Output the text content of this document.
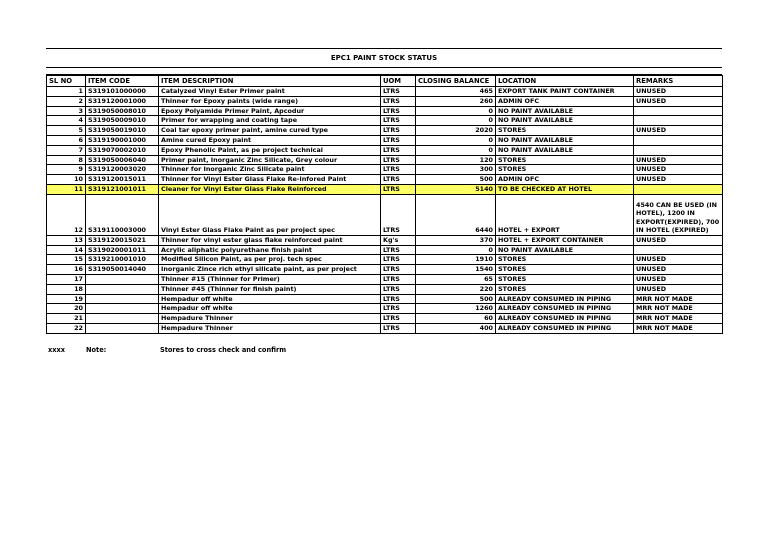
EPC1 PAINT STOCK STATUS
SL NO	ITEM CODE	ITEM DESCRIPTION	UOM	CLOSING BALANCE	LOCATION	REMARKS
1	S319101000000	Catalyzed Vinyl Ester Primer paint	LTRS	465	EXPORT TANK PAINT CONTAINER	UNUSED
2	S319120001000	Thinner for Epoxy paints (wide range)	LTRS	260	ADMIN OFC	UNUSED
3	S319050008010	Epoxy Polyamide Primer Paint, Apcodur	LTRS	0	NO PAINT AVAILABLE	
4	S319050009010	Primer for wrapping and coating tape	LTRS	0	NO PAINT AVAILABLE	
5	S319050019010	Coal tar epoxy primer paint, amine cured type	LTRS	2020	STORES	UNUSED
6	S319190001000	Amine cured Epoxy paint	LTRS	0	NO PAINT AVAILABLE	
7	S319070002010	Epoxy Phenolic Paint, as pe project technical	LTRS	0	NO PAINT AVAILABLE	
8	S319050006040	Primer paint, Inorganic Zinc Silicate, Grey colour	LTRS	120	STORES	UNUSED
9	S319120003020	Thinner for Inorganic Zinc Silicate paint	LTRS	300	STORES	UNUSED
10	S319120015011	Thinner for Vinyl Ester Glass Flake Re-infored Paint	LTRS	500	ADMIN OFC	UNUSED
11	S319121001011	Cleaner for Vinyl Ester Glass Flake Reinforced	LTRS	5140	TO BE CHECKED AT HOTEL	
12	S319110003000	Vinyl Ester Glass Flake Paint as per project spec	LTRS	6440	HOTEL + EXPORT	4540 CAN BE USED (IN HOTEL), 1200 IN EXPORT(EXPIRED), 700 IN HOTEL (EXPIRED)
13	S319120015021	Thinner for vinyl ester glass flake reinforced paint	Kg's	370	HOTEL + EXPORT CONTAINER	UNUSED
14	S319020001011	Acrylic aliphatic polyurethane finish paint	LTRS	0	NO PAINT AVAILABLE	
15	S319210001010	Modified Silicon Paint, as per proj. tech spec	LTRS	1910	STORES	UNUSED
16	S319050014040	Inorganic Zince rich ethyl silicate paint, as per project	LTRS	1540	STORES	UNUSED
17		Thinner #15 (Thinner for Primer)	LTRS	65	STORES	UNUSED
18		Thinner #45 (Thinner for finish paint)	LTRS	220	STORES	UNUSED
19		Hempadur off white	LTRS	500	ALREADY CONSUMED IN PIPING	MRR NOT MADE
20		Hempadur off white	LTRS	1260	ALREADY CONSUMED IN PIPING	MRR NOT MADE
21		Hempadure Thinner	LTRS	60	ALREADY CONSUMED IN PIPING	MRR NOT MADE
22		Hempadure Thinner	LTRS	400	ALREADY CONSUMED IN PIPING	MRR NOT MADE
xxxx	Note:	Stores to cross check and confirm
